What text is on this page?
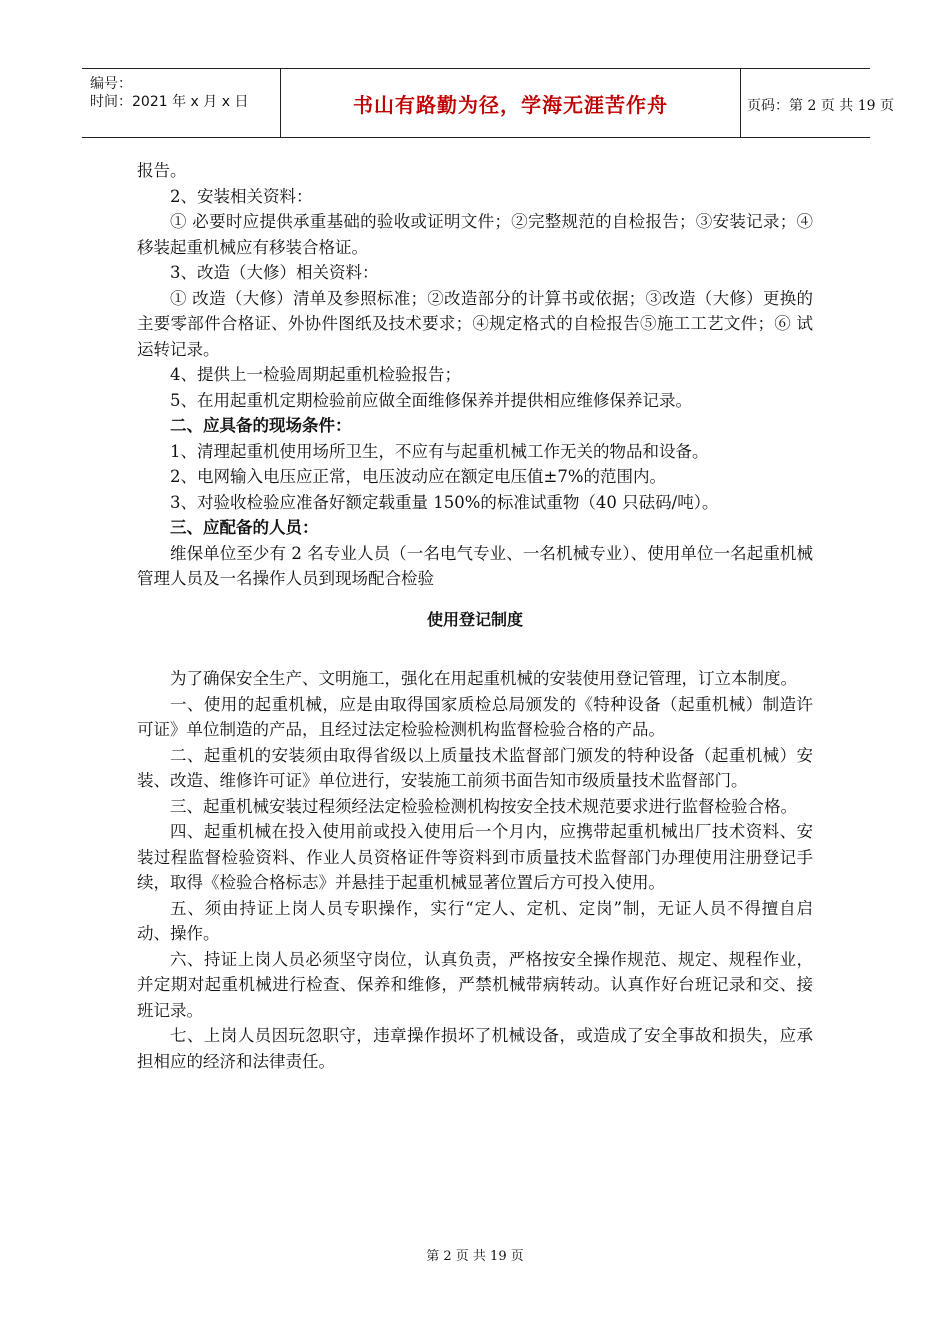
编号：
时间：2021 年 x 月 x 日	书山有路勤为径，学海无涯苦作舟	页码：第 2 页 共 19 页

报告。

2、安装相关资料：

① 必要时应提供承重基础的验收或证明文件；②完整规范的自检报告；③安装记录；④ 移装起重机械应有移装合格证。

3、改造（大修）相关资料：

① 改造（大修）清单及参照标准；②改造部分的计算书或依据；③改造（大修）更换的主要零部件合格证、外协件图纸及技术要求；④规定格式的自检报告⑤施工工艺文件；⑥ 试运转记录。

4、提供上一检验周期起重机检验报告；

5、在用起重机定期检验前应做全面维修保养并提供相应维修保养记录。

二、应具备的现场条件：

1、清理起重机使用场所卫生，不应有与起重机械工作无关的物品和设备。

2、电网输入电压应正常，电压波动应在额定电压值±7%的范围内。

3、对验收检验应准备好额定载重量 150%的标准试重物（40 只砝码/吨）。

三、应配备的人员：

维保单位至少有 2 名专业人员（一名电气专业、一名机械专业）、使用单位一名起重机械管理人员及一名操作人员到现场配合检验

使用登记制度

为了确保安全生产、文明施工，强化在用起重机械的安装使用登记管理，订立本制度。

一、使用的起重机械，应是由取得国家质检总局颁发的《特种设备（起重机械）制造许可证》单位制造的产品，且经过法定检验检测机构监督检验合格的产品。

二、起重机的安装须由取得省级以上质量技术监督部门颁发的特种设备（起重机械）安装、改造、维修许可证》单位进行，安装施工前须书面告知市级质量技术监督部门。

三、起重机械安装过程须经法定检验检测机构按安全技术规范要求进行监督检验合格。

四、起重机械在投入使用前或投入使用后一个月内，应携带起重机械出厂技术资料、安装过程监督检验资料、作业人员资格证件等资料到市质量技术监督部门办理使用注册登记手续，取得《检验合格标志》并悬挂于起重机械显著位置后方可投入使用。

五、须由持证上岗人员专职操作，实行“定人、定机、定岗”制，无证人员不得擅自启动、操作。

六、持证上岗人员必须坚守岗位，认真负责，严格按安全操作规范、规定、规程作业，并定期对起重机械进行检查、保养和维修，严禁机械带病转动。认真作好台班记录和交、接班记录。

七、上岗人员因玩忽职守，违章操作损坏了机械设备，或造成了安全事故和损失，应承担相应的经济和法律责任。

第 2 页 共 19 页
